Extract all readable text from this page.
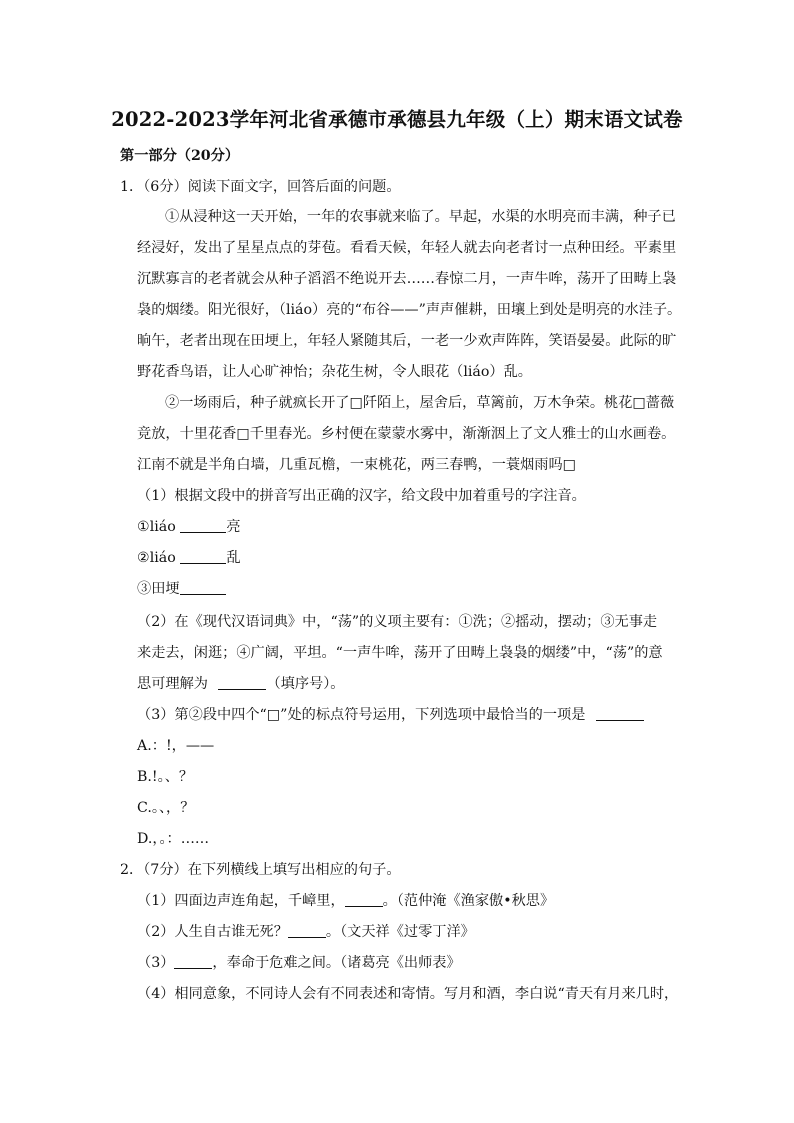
2022-2023学年河北省承德市承德县九年级（上）期末语文试卷
第一部分（20分）
1．（6分）阅读下面文字，回答后面的问题。
①从浸种这一天开始，一年的农事就来临了。早起，水渠的水明亮而丰满，种子已
经浸好，发出了星星点点的芽苞。看看天候，年轻人就去向老者讨一点种田经。平素里
沉默寡言的老者就会从种子滔滔不绝说开去……春惊二月，一声牛哞，荡开了田畴上袅
袅的烟缕。阳光很好，（liáo）亮的“布谷——”声声催耕，田壤上到处是明亮的水洼子。
晌午，老者出现在田埂上，年轻人紧随其后，一老一少欢声阵阵，笑语晏晏。此际的旷
野花香鸟语，让人心旷神怡；杂花生树，令人眼花（liáo）乱。
②一场雨后，种子就疯长开了□阡陌上，屋舍后，草篱前，万木争荣。桃花□蔷薇
竞放，十里花香□千里春光。乡村便在蒙蒙水雾中，渐渐洇上了文人雅士的山水画卷。
江南不就是半角白墙，几重瓦檐，一束桃花，两三春鸭，一蓑烟雨吗□
（1）根据文段中的拼音写出正确的汉字，给文段中加着重号的字注音。
①liáo	亮
②liáo	乱
③田埂
（2）在《现代汉语词典》中，“荡”的义项主要有：①洗；②摇动，摆动；③无事走
来走去，闲逛；④广阔，平坦。“一声牛哞，荡开了田畴上袅袅的烟缕”中，“荡”的意
思可理解为	（填序号）。
（3）第②段中四个“□”处的标点符号运用，下列选项中最恰当的一项是
A.：!，——
B.!。、？
C.。、，？
D.，。：……
2．（7分）在下列横线上填写出相应的句子。
（1）四面边声连角起，千嶂里，	。（范仲淹《渔家傲•秋思》
（2）人生自古谁无死？	。（文天祥《过零丁洋》
（3）	，奉命于危难之间。（诸葛亮《出师表》
（4）相同意象，不同诗人会有不同表述和寄情。写月和酒，李白说“青天有月来几时，
